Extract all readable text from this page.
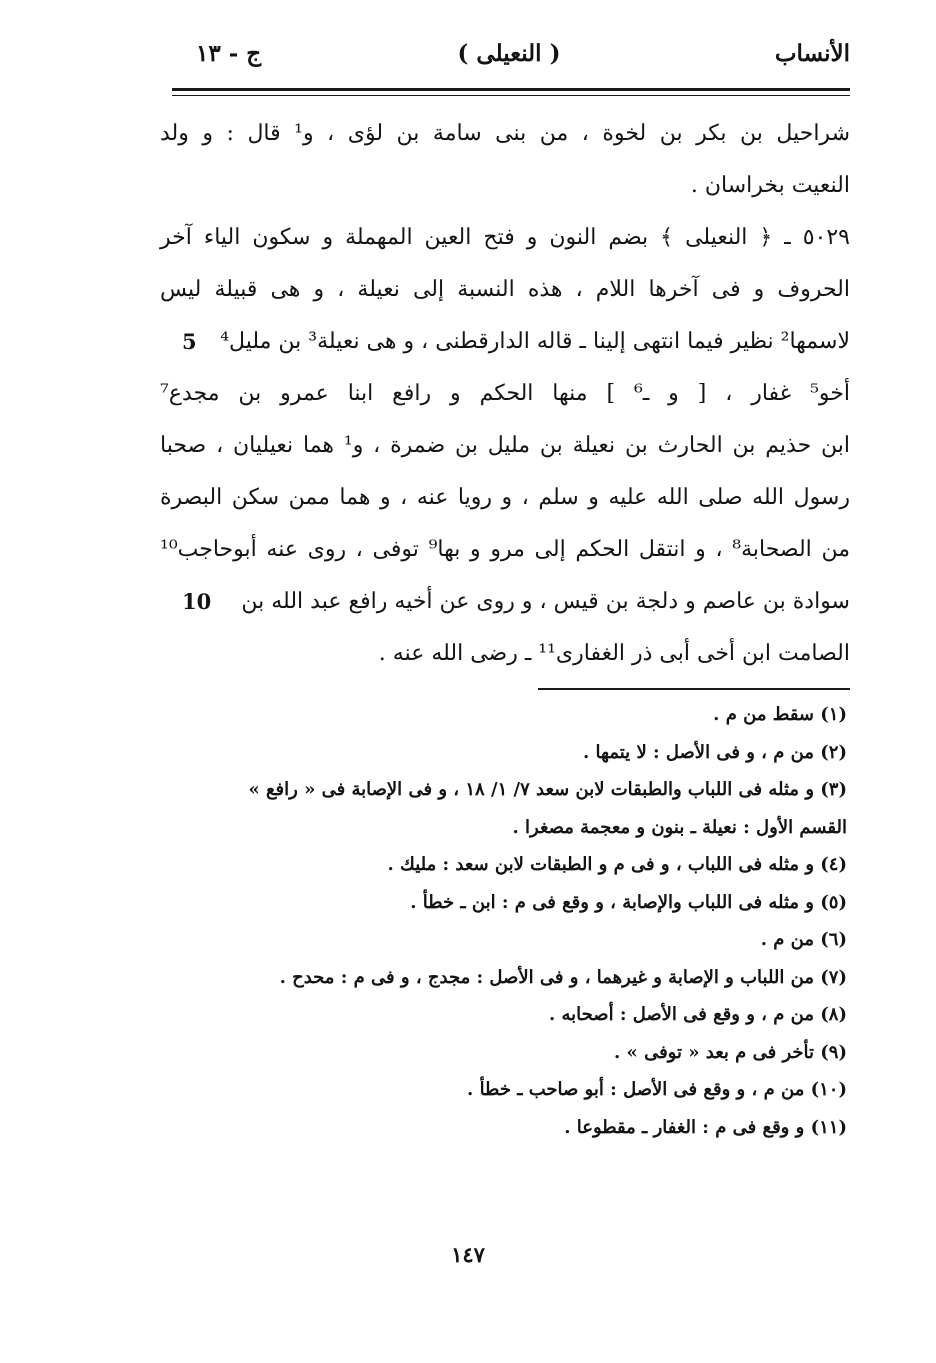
الأنساب
( النعيلى )
ج - ١٣
شراحيل بن بكر بن لخوة ، من بنى سامة بن لؤى ، و¹ قال : و ولد
النعيت بخراسان .
٥٠٢٩ ـ ﴿ النعيلى ﴾ بضم النون و فتح العين المهملة و سكون الياء آخر
الحروف و فى آخرها اللام ، هذه النسبة إلى نعيلة ، و هى قبيلة ليس
لاسمها² نظير فيما انتهى إلينا ـ قاله الدارقطنى ، و هى نعيلة³ بن مليل⁴
5
أخو⁵ غفار ، [ و ـ⁶ ] منها الحكم و رافع ابنا عمرو بن مجدع⁷
ابن حذيم بن الحارث بن نعيلة بن مليل بن ضمرة ، و¹ هما نعيليان ، صحبا
رسول الله صلى الله عليه و سلم ، و رويا عنه ، و هما ممن سكن البصرة
من الصحابة⁸ ، و انتقل الحكم إلى مرو و بها⁹ توفى ، روى عنه أبوحاجب¹⁰
سوادة بن عاصم و دلجة بن قيس ، و روى عن أخيه رافع عبد الله بن
10
الصامت ابن أخى أبى ذر الغفارى¹¹ ـ رضى الله عنه .
(١) سقط من م .
(٢) من م ، و فى الأصل : لا يتمها .
(٣) و مثله فى اللباب والطبقات لابن سعد ٧/ ١/ ١٨ ، و فى الإصابة فى « رافع »
القسم الأول : نعيلة ـ بنون و معجمة مصغرا .
(٤) و مثله فى اللباب ، و فى م و الطبقات لابن سعد : مليك .
(٥) و مثله فى اللباب والإصابة ، و وقع فى م : ابن ـ خطأ .
(٦) من م .
(٧) من اللباب و الإصابة و غيرهما ، و فى الأصل : مجدج ، و فى م : محدح .
(٨) من م ، و وقع فى الأصل : أصحابه .
(٩) تأخر فى م بعد « توفى » .
(١٠) من م ، و وقع فى الأصل : أبو صاحب ـ خطأ .
(١١) و وقع فى م : الغفار ـ مقطوعا .
١٤٧
